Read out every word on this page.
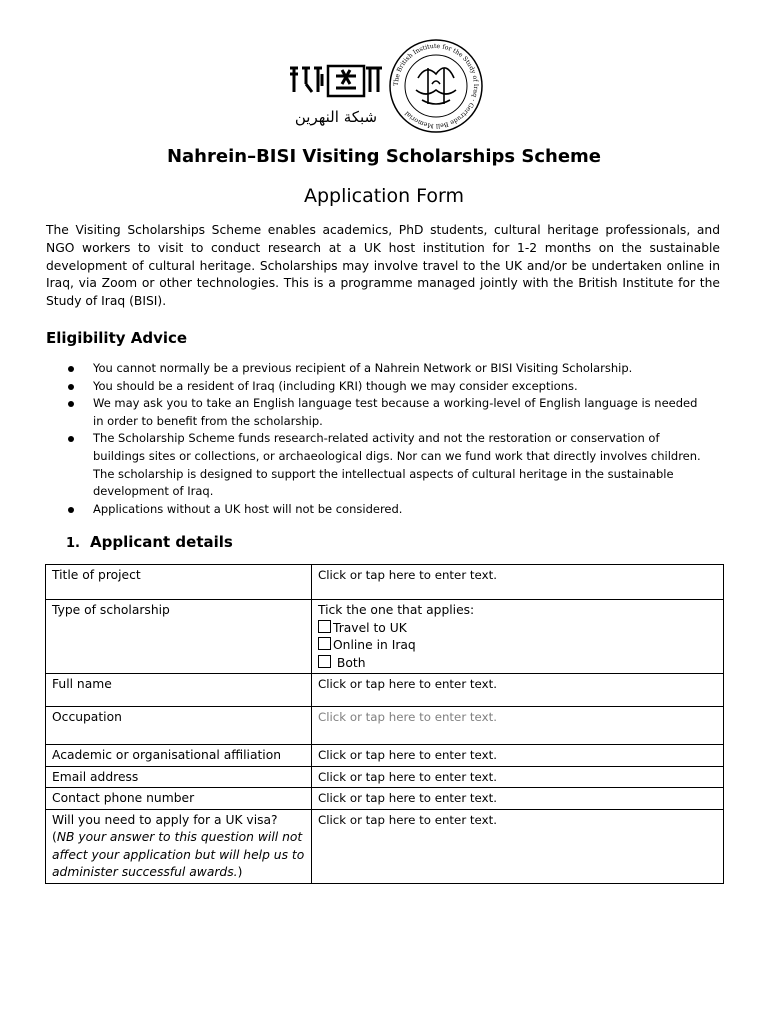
شبكة النهرين
The British Institute for the Study of Iraq · Gertrude Bell Memorial
Nahrein–BISI Visiting Scholarships Scheme
Application Form

The Visiting Scholarships Scheme enables academics, PhD students, cultural heritage professionals, and NGO workers to visit to conduct research at a UK host institution for 1-2 months on the sustainable development of cultural heritage. Scholarships may involve travel to the UK and/or be undertaken online in Iraq, via Zoom or other technologies. This is a programme managed jointly with the British Institute for the Study of Iraq (BISI).

Eligibility Advice
You cannot normally be a previous recipient of a Nahrein Network or BISI Visiting Scholarship.
You should be a resident of Iraq (including KRI) though we may consider exceptions.
We may ask you to take an English language test because a working-level of English language is needed in order to benefit from the scholarship.
The Scholarship Scheme funds research-related activity and not the restoration or conservation of buildings sites or collections, or archaeological digs. Nor can we fund work that directly involves children. The scholarship is designed to support the intellectual aspects of cultural heritage in the sustainable development of Iraq.
Applications without a UK host will not be considered.
1. Applicant details
Title of project	Click or tap here to enter text.
Type of scholarship	Tick the one that applies:
Travel to UK
Online in Iraq
Both

Full name	Click or tap here to enter text.
Occupation	Click or tap here to enter text.
Academic or organisational affiliation	Click or tap here to enter text.
Email address	Click or tap here to enter text.
Contact phone number	Click or tap here to enter text.

Will you need to apply for a UK visa?
(NB your answer to this question will not affect your application but will help us to administer successful awards.)	Click or tap here to enter text.
